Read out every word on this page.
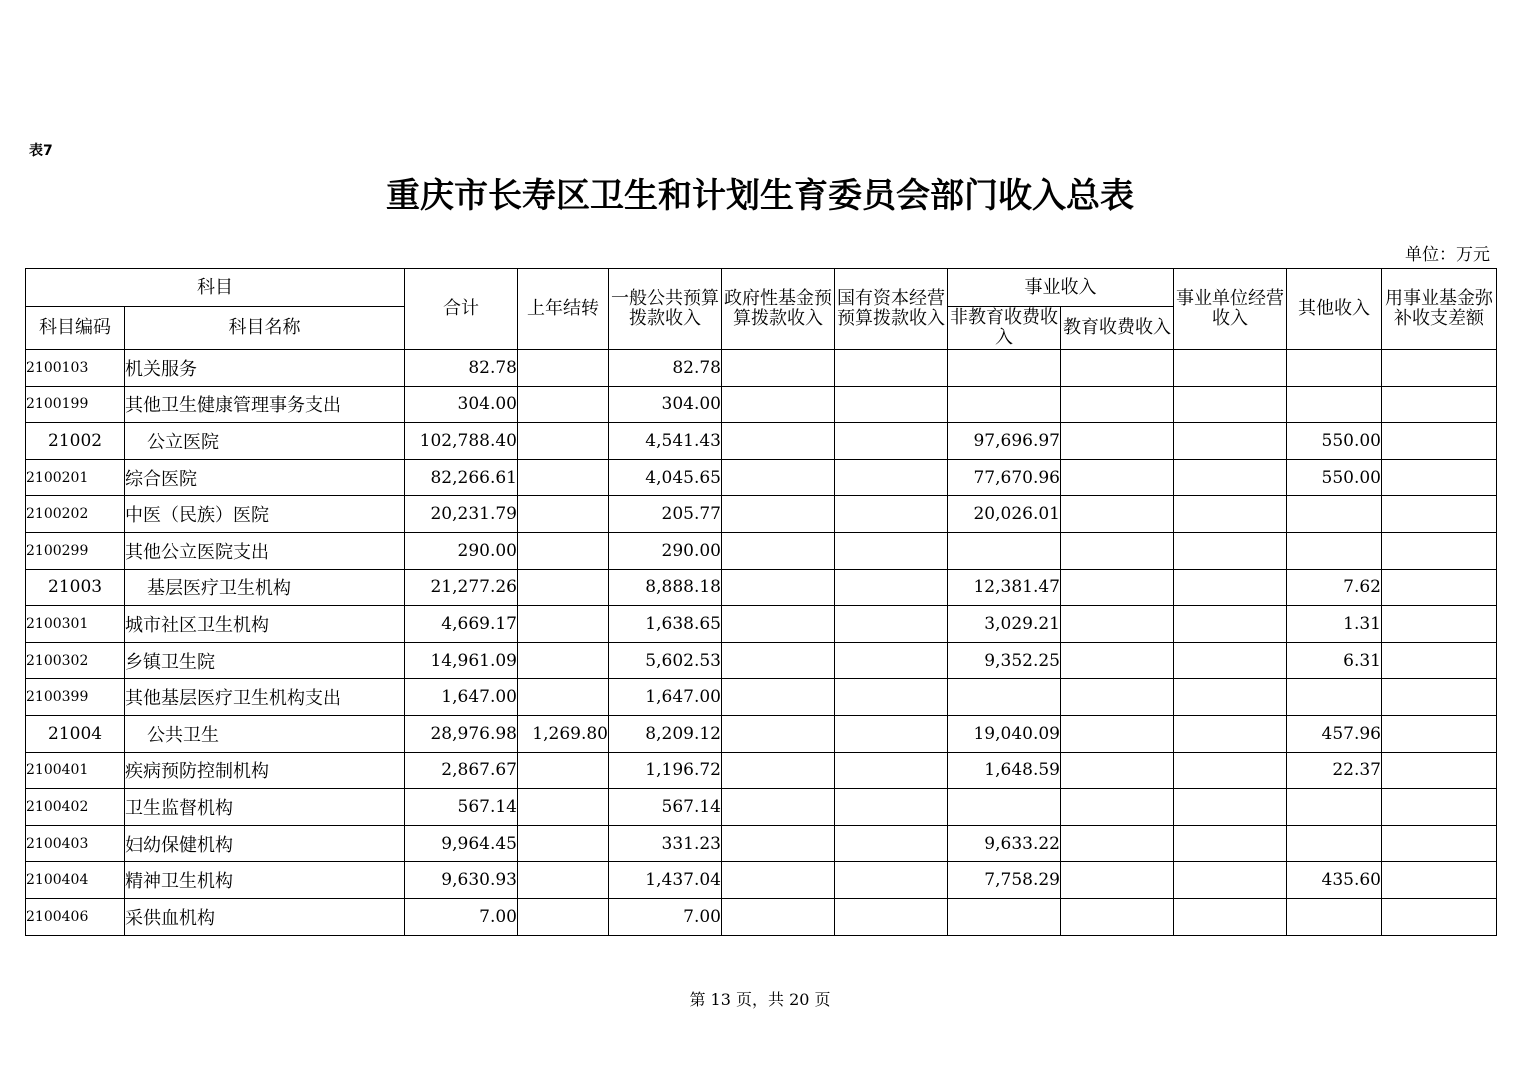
表7
重庆市长寿区卫生和计划生育委员会部门收入总表
单位：万元
科目		合计	上年结转	一般公共预算拨款收入	政府性基金预算拨款收入	国有资本经营预算拨款收入	事业收入		事业单位经营收入	其他收入	用事业基金弥补收支差额

科目编码	科目名称						非教育收费收入	教育收费收入			

2100103	机关服务	82.78		82.78							
2100199	其他卫生健康管理事务支出	304.00		304.00							
21002	公立医院	102,788.40		4,541.43			97,696.97			550.00	
2100201	综合医院	82,266.61		4,045.65			77,670.96			550.00	
2100202	中医（民族）医院	20,231.79		205.77			20,026.01				
2100299	其他公立医院支出	290.00		290.00							
21003	基层医疗卫生机构	21,277.26		8,888.18			12,381.47			7.62	
2100301	城市社区卫生机构	4,669.17		1,638.65			3,029.21			1.31	
2100302	乡镇卫生院	14,961.09		5,602.53			9,352.25			6.31	
2100399	其他基层医疗卫生机构支出	1,647.00		1,647.00							
21004	公共卫生	28,976.98	1,269.80	8,209.12			19,040.09			457.96	
2100401	疾病预防控制机构	2,867.67		1,196.72			1,648.59			22.37	
2100402	卫生监督机构	567.14		567.14							
2100403	妇幼保健机构	9,964.45		331.23			9,633.22				
2100404	精神卫生机构	9,630.93		1,437.04			7,758.29			435.60	
2100406	采供血机构	7.00		7.00							
第 13 页，共 20 页
